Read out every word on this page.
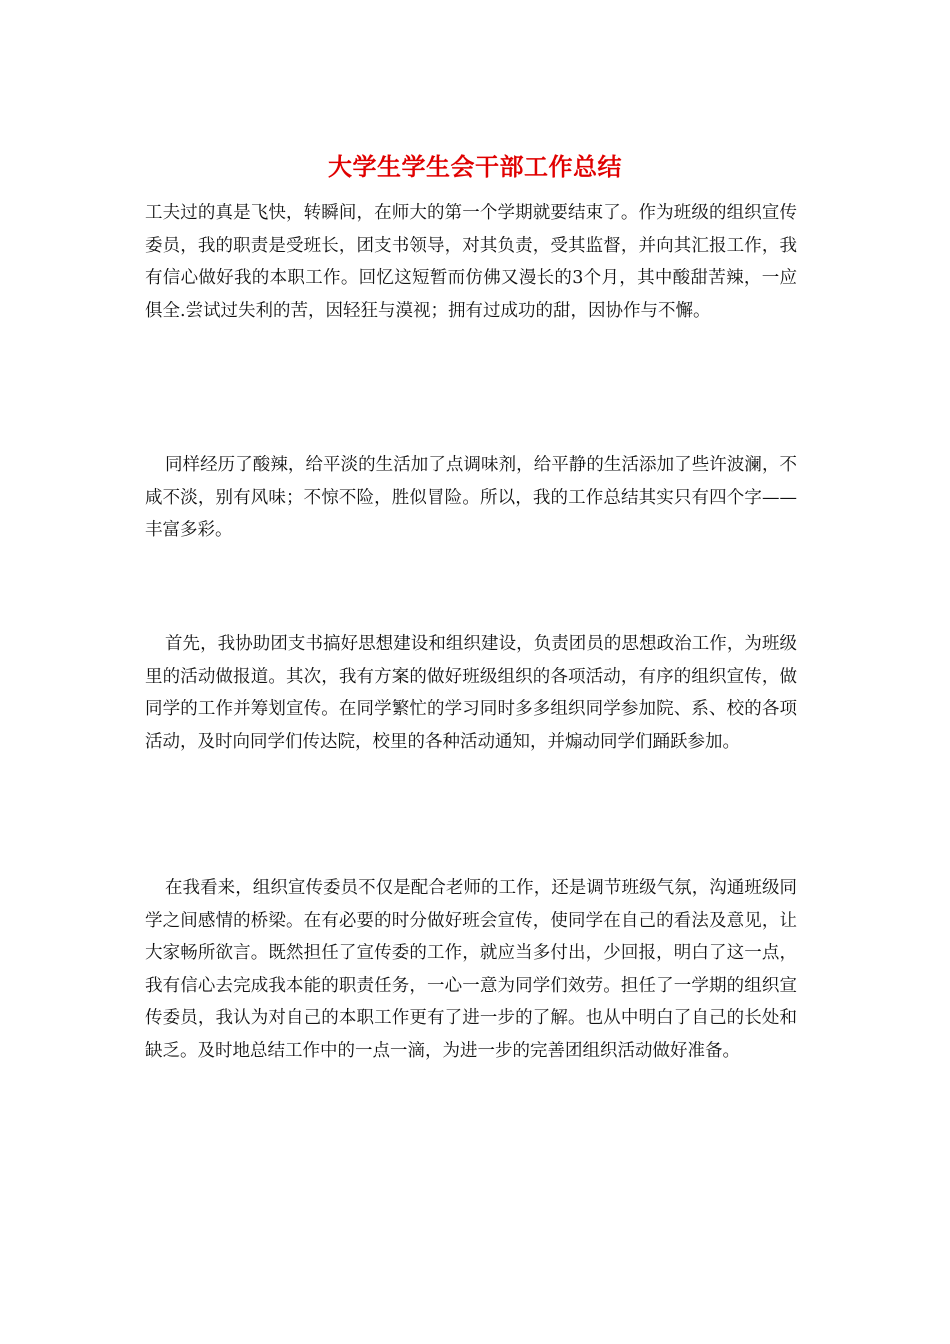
大学生学生会干部工作总结

工夫过的真是飞快，转瞬间，在师大的第一个学期就要结束了。作为班级的组织宣传委员，我的职责是受班长，团支书领导，对其负责，受其监督，并向其汇报工作，我有信心做好我的本职工作。回忆这短暂而仿佛又漫长的3个月，其中酸甜苦辣，一应俱全.尝试过失利的苦，因轻狂与漠视；拥有过成功的甜，因协作与不懈。

同样经历了酸辣，给平淡的生活加了点调味剂，给平静的生活添加了些许波澜，不咸不淡，别有风味；不惊不险，胜似冒险。所以，我的工作总结其实只有四个字——丰富多彩。

首先，我协助团支书搞好思想建设和组织建设，负责团员的思想政治工作，为班级里的活动做报道。其次，我有方案的做好班级组织的各项活动，有序的组织宣传，做同学的工作并筹划宣传。在同学繁忙的学习同时多多组织同学参加院、系、校的各项活动，及时向同学们传达院，校里的各种活动通知，并煽动同学们踊跃参加。

在我看来，组织宣传委员不仅是配合老师的工作，还是调节班级气氛，沟通班级同学之间感情的桥梁。在有必要的时分做好班会宣传，使同学在自己的看法及意见，让大家畅所欲言。既然担任了宣传委的工作，就应当多付出，少回报，明白了这一点，我有信心去完成我本能的职责任务，一心一意为同学们效劳。担任了一学期的组织宣传委员，我认为对自己的本职工作更有了进一步的了解。也从中明白了自己的长处和缺乏。及时地总结工作中的一点一滴，为进一步的完善团组织活动做好准备。
